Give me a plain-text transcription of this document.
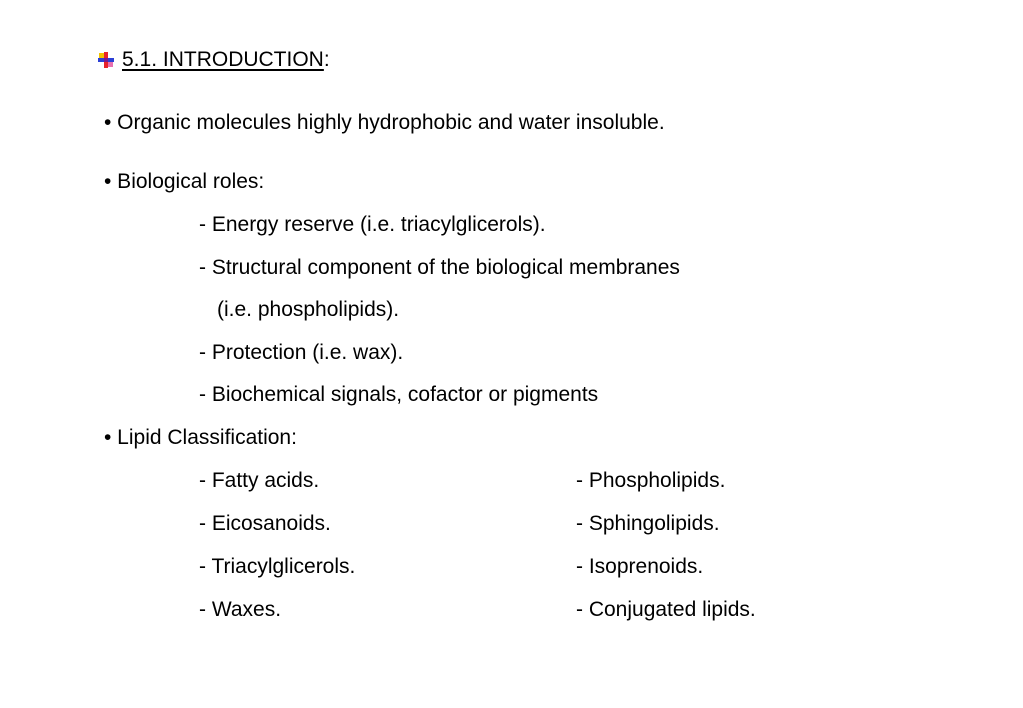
5.1. INTRODUCTION :
• Organic molecules highly hydrophobic and water insoluble.
• Biological roles:
- Energy reserve (i.e. triacylglicerols).
- Structural component of the biological membranes
(i.e. phospholipids).
- Protection (i.e. wax).
- Biochemical signals, cofactor or pigments
• Lipid Classification:
- Fatty acids.
- Eicosanoids.
- Triacylglicerols.
- Waxes.
- Phospholipids.
- Sphingolipids.
- Isoprenoids.
- Conjugated lipids.
